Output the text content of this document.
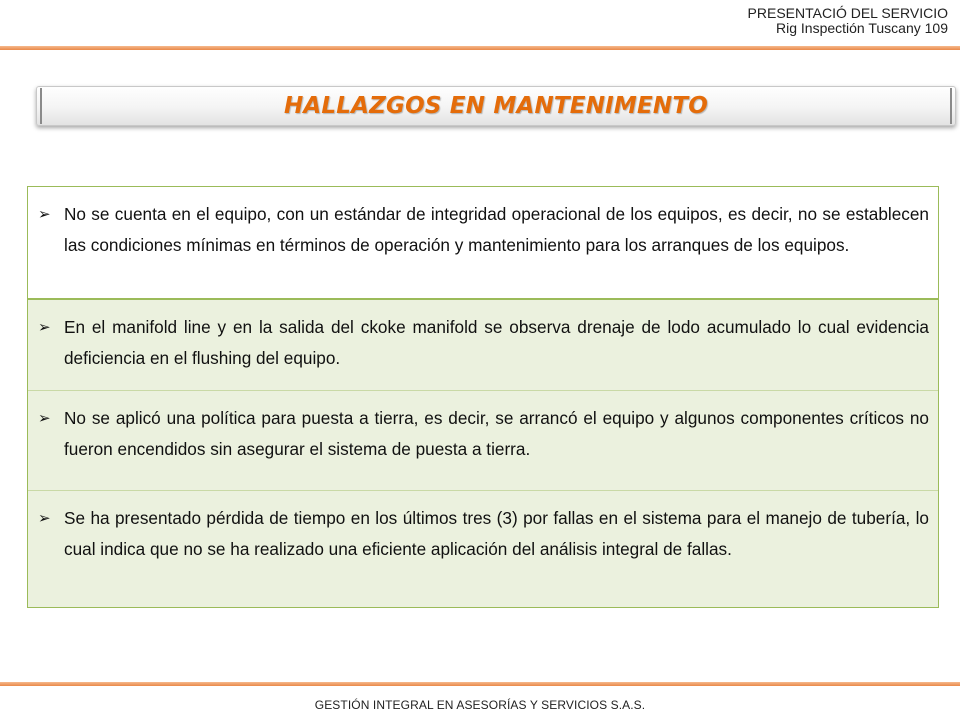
PRESENTACIÓ DEL SERVICIO
Rig Inspectión Tuscany 109
HALLAZGOS EN MANTENIMENTO
➢ No se cuenta en el equipo, con un estándar de integridad operacional de los equipos, es decir, no se establecen las condiciones mínimas en términos de operación y mantenimiento para los arranques de los equipos.
➢ En el manifold line y en la salida del ckoke manifold se observa drenaje de lodo acumulado lo cual evidencia deficiencia en el flushing del equipo.
➢ No se aplicó una política para puesta a tierra, es decir, se arrancó el equipo y algunos componentes críticos no fueron encendidos sin asegurar el sistema de puesta a tierra.
➢ Se ha presentado pérdida de tiempo en los últimos tres (3) por fallas en el sistema para el manejo de tubería, lo cual indica que no se ha realizado una eficiente aplicación del análisis integral de fallas.
GESTIÓN INTEGRAL EN ASESORÍAS Y SERVICIOS S.A.S.
